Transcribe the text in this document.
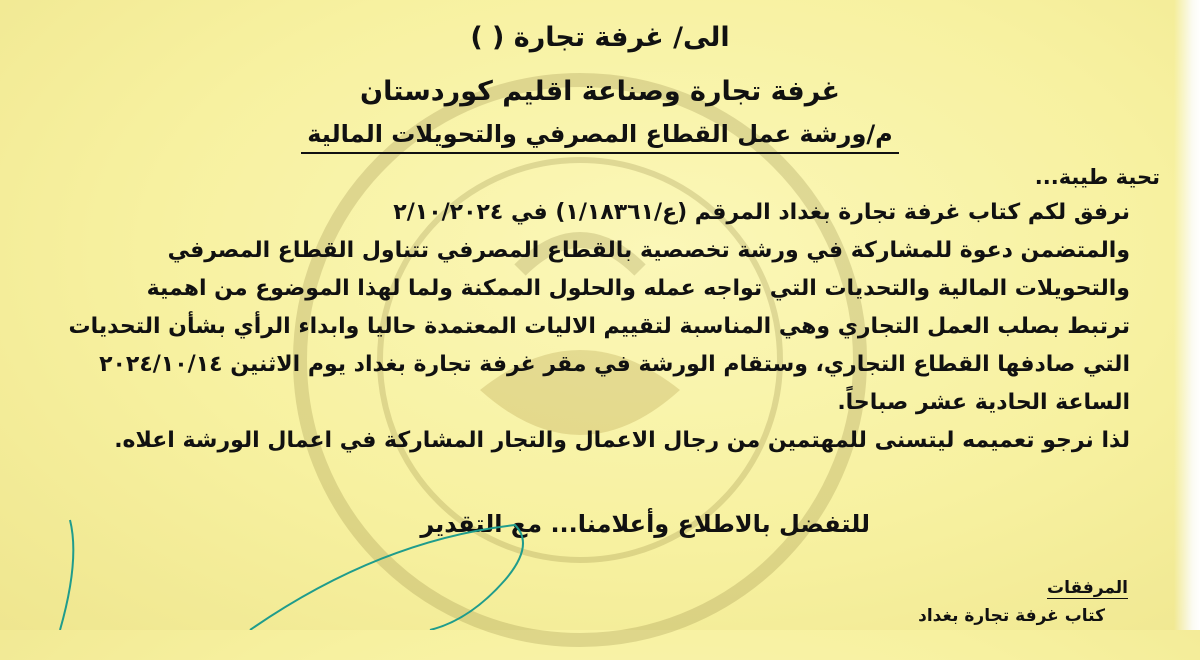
الى/ غرفة تجارة ( )
غرفة تجارة وصناعة اقليم كوردستان
م/ورشة عمل القطاع المصرفي والتحويلات المالية
تحية طيبة...
نرفق لكم كتاب غرفة تجارة بغداد المرقم (ع/١/١٨٣٦١) في ٢/١٠/٢٠٢٤
والمتضمن دعوة للمشاركة في ورشة تخصصية بالقطاع المصرفي تتناول القطاع المصرفي
والتحويلات المالية والتحديات التي تواجه عمله والحلول الممكنة ولما لهذا الموضوع من اهمية
ترتبط بصلب العمل التجاري وهي المناسبة لتقييم الاليات المعتمدة حاليا وابداء الرأي بشأن التحديات
التي صادفها القطاع التجاري، وستقام الورشة في مقر غرفة تجارة بغداد يوم الاثنين ٢٠٢٤/١٠/١٤
الساعة الحادية عشر صباحاً.
لذا نرجو تعميمه ليتسنى للمهتمين من رجال الاعمال والتجار المشاركة في اعمال الورشة اعلاه.
للتفضل بالاطلاع وأعلامنا... مع التقدير
المرفقات
كتاب غرفة تجارة بغداد
